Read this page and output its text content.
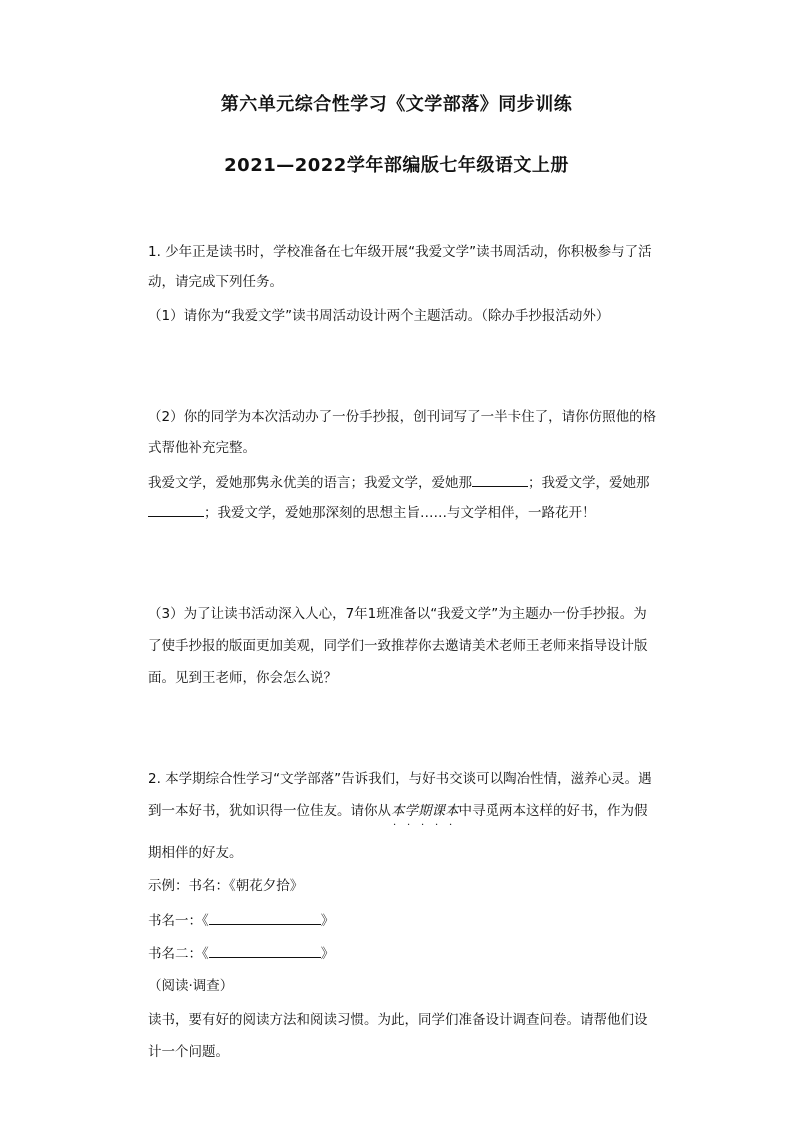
第六单元综合性学习《文学部落》同步训练
2021—2022学年部编版七年级语文上册
1. 少年正是读书时，学校准备在七年级开展“我爱文学”读书周活动，你积极参与了活
动，请完成下列任务。
（1）请你为“我爱文学”读书周活动设计两个主题活动。（除办手抄报活动外）
（2）你的同学为本次活动办了一份手抄报，创刊词写了一半卡住了，请你仿照他的格
式帮他补充完整。
我爱文学，爱她那隽永优美的语言；我爱文学，爱她那	；我爱文学，爱她那
；我爱文学，爱她那深刻的思想主旨……与文学相伴，一路花开！
（3）为了让读书活动深入人心，7年1班准备以“我爱文学”为主题办一份手抄报。为
了使手抄报的版面更加美观，同学们一致推荐你去邀请美术老师王老师来指导设计版
面。见到王老师，你会怎么说？
2. 本学期综合性学习“文学部落”告诉我们，与好书交谈可以陶冶性情，滋养心灵。遇
到一本好书，犹如识得一位佳友。请你从本学期课本
· · · · ·
中寻觅两本这样的好书，作为假
期相伴的好友。
示例：书名：《朝花夕拾》
书名一：《	》
书名二：《	》
（阅读·调查）
读书，要有好的阅读方法和阅读习惯。为此，同学们准备设计调查问卷。请帮他们设
计一个问题。
